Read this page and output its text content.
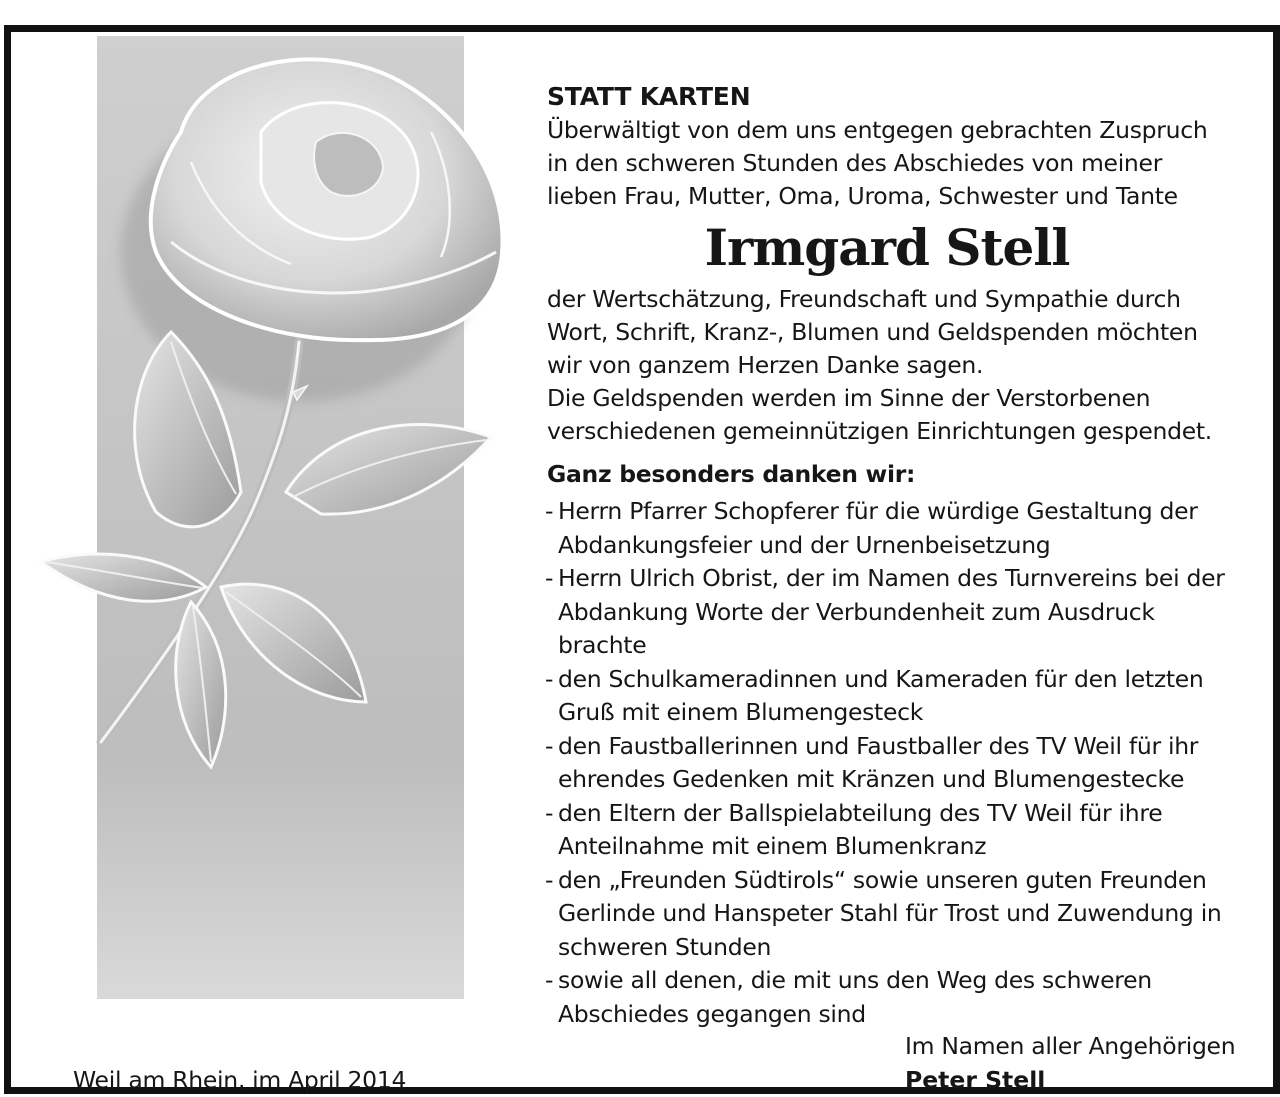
STATT KARTEN
Überwältigt von dem uns entgegen gebrachten Zuspruch
in den schweren Stunden des Abschiedes von meiner
lieben Frau, Mutter, Oma, Uroma, Schwester und Tante
Irmgard Stell
der Wertschätzung, Freundschaft und Sympathie durch
Wort, Schrift, Kranz-, Blumen und Geldspenden möchten
wir von ganzem Herzen Danke sagen.
Die Geldspenden werden im Sinne der Verstorbenen
verschiedenen gemeinnützigen Einrichtungen gespendet.
Ganz besonders danken wir:
- Herrn Pfarrer Schopferer für die würdige Gestaltung der
Abdankungsfeier und der Urnenbeisetzung
- Herrn Ulrich Obrist, der im Namen des Turnvereins bei der
Abdankung Worte der Verbundenheit zum Ausdruck
brachte
- den Schulkameradinnen und Kameraden für den letzten
Gruß mit einem Blumengesteck
- den Faustballerinnen und Faustballer des TV Weil für ihr
ehrendes Gedenken mit Kränzen und Blumengestecke
- den Eltern der Ballspielabteilung des TV Weil für ihre
Anteilnahme mit einem Blumenkranz
- den „Freunden Südtirols“ sowie unseren guten Freunden
Gerlinde und Hanspeter Stahl für Trost und Zuwendung in
schweren Stunden
- sowie all denen, die mit uns den Weg des schweren
Abschiedes gegangen sind
Weil am Rhein, im April 2014
Im Namen aller Angehörigen
Peter Stell
